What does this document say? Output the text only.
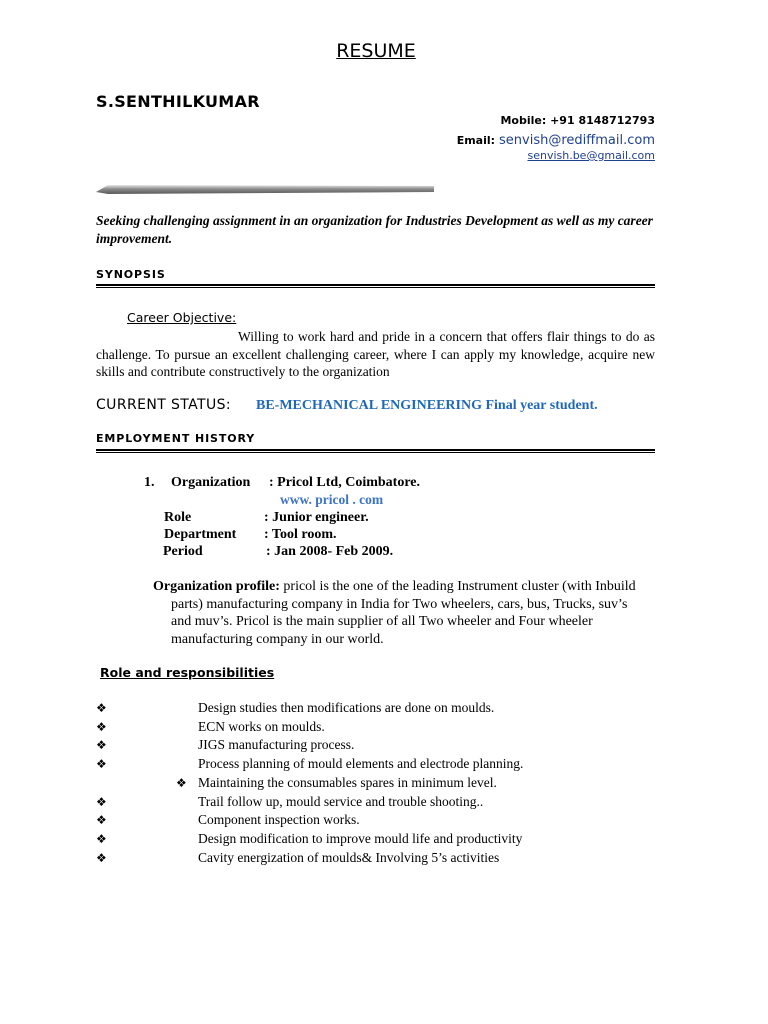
RESUME
S.SENTHILKUMAR
Mobile: +91 8148712793
Email: senvish@rediffmail.com
senvish.be@gmail.com
Seeking challenging assignment in an organization for Industries Development as well as my career improvement.
SYNOPSIS
Career Objective:
Willing to work hard and pride in a concern that offers flair things to do as challenge. To pursue an excellent challenging career, where I can apply my knowledge, acquire new skills and contribute constructively to the organization
CURRENT STATUS: BE-MECHANICAL ENGINEERING Final year student.
EMPLOYMENT HISTORY
1. Organization : Pricol Ltd, Coimbatore.
www. pricol . com
Role	: Junior engineer.
Department : Tool room.
Period	: Jan 2008- Feb 2009.
Organization profile: pricol is the one of the leading Instrument cluster (with Inbuild parts) manufacturing company in India for Two wheelers, cars, bus, Trucks, suv’s and muv’s. Pricol is the main supplier of all Two wheeler and Four wheeler manufacturing company in our world.
Role and responsibilities
❖	Design studies then modifications are done on moulds.
❖	ECN works on moulds.
❖	JIGS manufacturing process.
❖	Process planning of mould elements and electrode planning.
❖ Maintaining the consumables spares in minimum level.
❖	Trail follow up, mould service and trouble shooting..
❖	Component inspection works.
❖	Design modification to improve mould life and productivity
❖	Cavity energization of moulds& Involving 5’s activities
